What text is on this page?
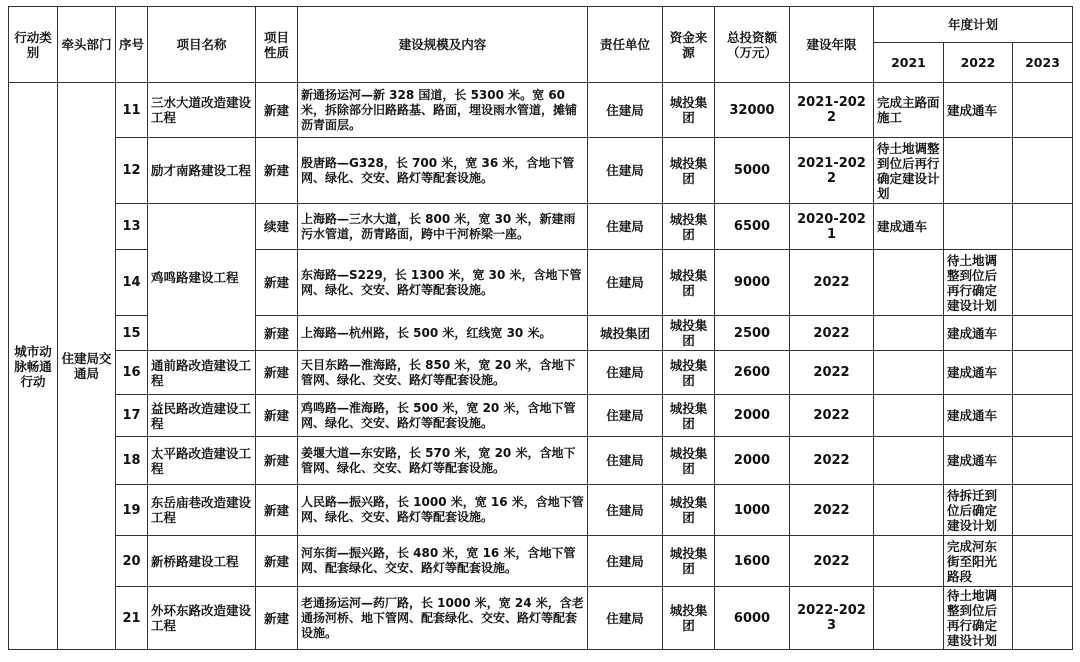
行动类别	牵头部门	序号	项目名称	项目性质	建设规模及内容	责任单位	资金来源	总投资额（万元）	建设年限	年度计划		
										2021	2022	2023
城市动脉畅通行动	住建局交通局	11	三水大道改造建设工程	新建	新通扬运河—新 328 国道，长 5300 米。宽 60 米，拆除部分旧路路基、路面，埋设雨水管道，摊铺沥青面层。	住建局	城投集团	32000	2021-2022	完成主路面施工	建成通车	
		12	励才南路建设工程	新建	殷唐路—G328，长 700 米，宽 36 米，含地下管网、绿化、交安、路灯等配套设施。	住建局	城投集团	5000	2021-2022	待土地调整到位后再行确定建设计划		
		13	鸡鸣路建设工程	续建	上海路—三水大道，长 800 米，宽 30 米，新建雨污水管道，沥青路面，跨中干河桥梁一座。	住建局	城投集团	6500	2020-2021	建成通车		
		14		新建	东海路—S229，长 1300 米，宽 30 米，含地下管网、绿化、交安、路灯等配套设施。	住建局	城投集团	9000	2022		待土地调整到位后再行确定建设计划	
		15		新建	上海路—杭州路，长 500 米，红线宽 30 米。	城投集团	城投集团	2500	2022		建成通车	
		16	通前路改造建设工程	新建	天目东路—淮海路，长 850 米，宽 20 米，含地下管网、绿化、交安、路灯等配套设施。	住建局	城投集团	2600	2022		建成通车	
		17	益民路改造建设工程	新建	鸡鸣路—淮海路，长 500 米，宽 20 米，含地下管网、绿化、交安、路灯等配套设施。	住建局	城投集团	2000	2022		建成通车	
		18	太平路改造建设工程	新建	姜堰大道—东安路，长 570 米，宽 20 米，含地下管网、绿化、交安、路灯等配套设施。	住建局	城投集团	2000	2022		建成通车	
		19	东岳庙巷改造建设工程	新建	人民路—振兴路，长 1000 米，宽 16 米，含地下管网、绿化、交安、路灯等配套设施。	住建局	城投集团	1000	2022		待拆迁到位后确定建设计划	
		20	新桥路建设工程	新建	河东街—振兴路，长 480 米，宽 16 米，含地下管网、配套绿化、交安、路灯等配套设施。	住建局	城投集团	1600	2022		完成河东街至阳光路段	
		21	外环东路改造建设工程	新建	老通扬运河—药厂路，长 1000 米，宽 24 米，含老通扬河桥、地下管网、配套绿化、交安、路灯等配套设施。	住建局	城投集团	6000	2022-2023		待土地调整到位后再行确定建设计划	
